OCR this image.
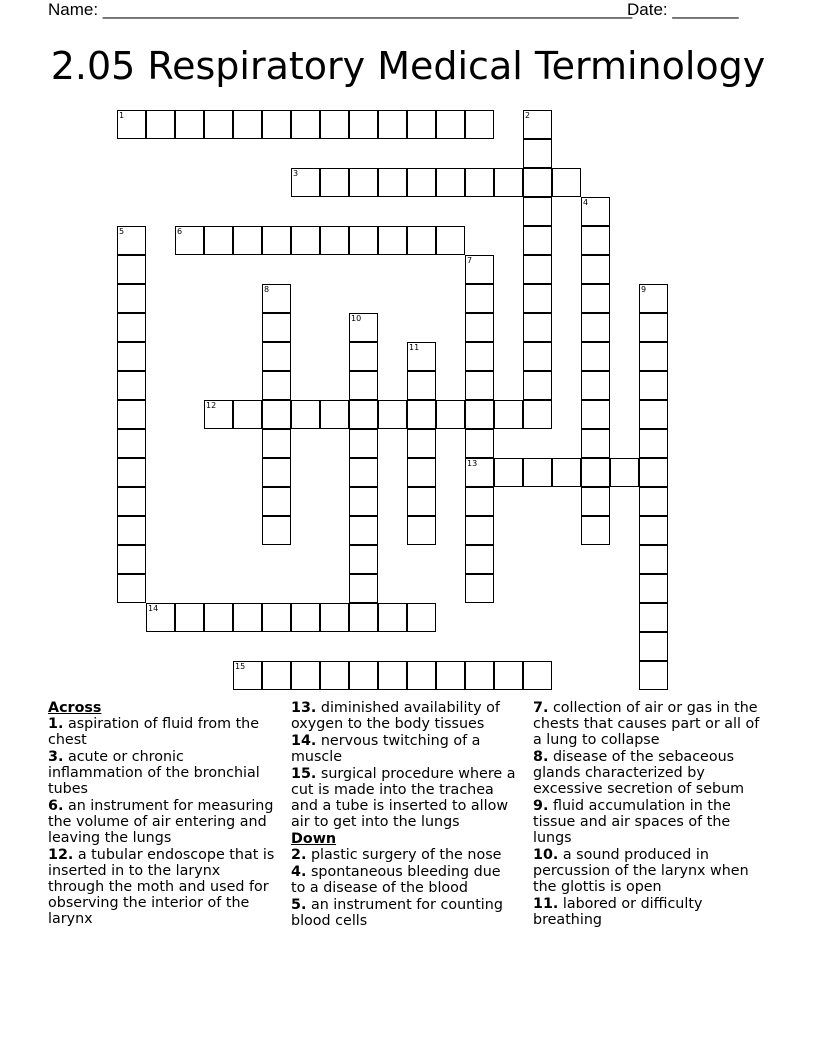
Name: ________________________________________________________
Date: _______
2.05 Respiratory Medical Terminology
1	2
3
4
5	6
7
13
8	9
10
11
12
14
15
Across
1. aspiration of fluid from the chest
3. acute or chronic inflammation of the bronchial tubes
6. an instrument for measuring the volume of air entering and leaving the lungs
12. a tubular endoscope that is inserted in to the larynx through the moth and used for observing the interior of the larynx
13. diminished availability of oxygen to the body tissues
14. nervous twitching of a muscle
15. surgical procedure where a cut is made into the trachea and a tube is inserted to allow air to get into the lungs
Down
2. plastic surgery of the nose
4. spontaneous bleeding due to a disease of the blood
5. an instrument for counting blood cells
7. collection of air or gas in the chests that causes part or all of a lung to collapse
8. disease of the sebaceous glands characterized by excessive secretion of sebum
9. fluid accumulation in the tissue and air spaces of the lungs
10. a sound produced in percussion of the larynx when the glottis is open
11. labored or difficulty breathing
